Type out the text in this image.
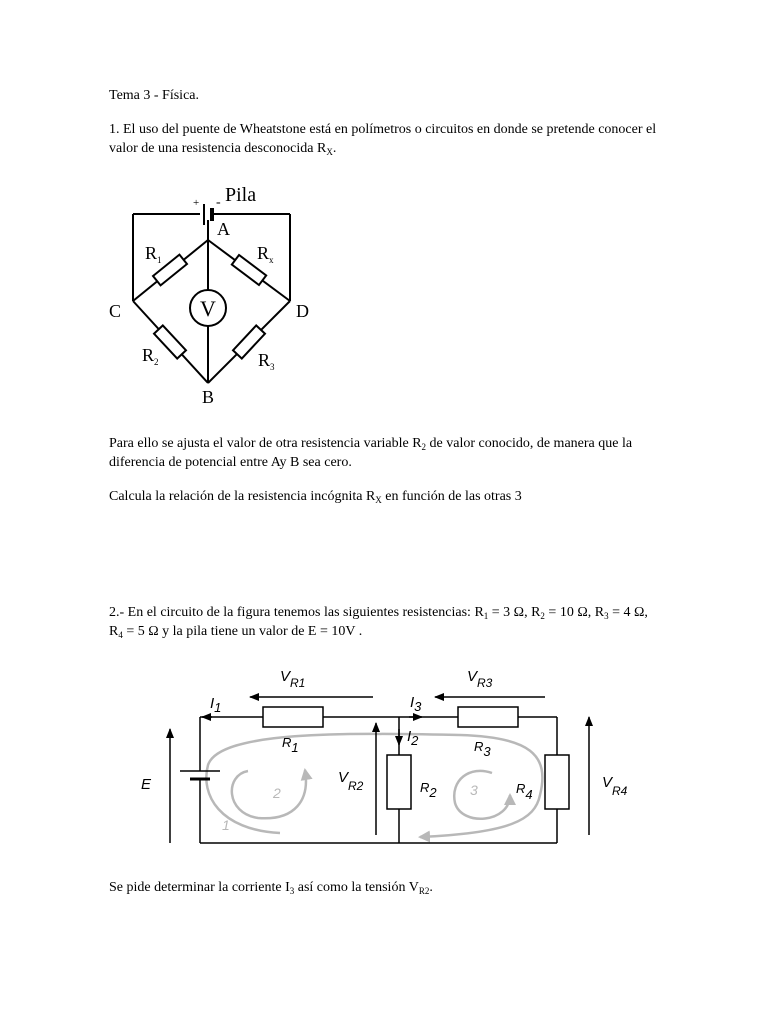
Tema 3 - Física.

1. El uso del puente de Wheatstone está en polímetros o circuitos en donde se pretende conocer el valor de una resistencia desconocida $R_X$.

V
+ - Pila
A
C	D
B
$R_1$	$R_x$
$R_2$	$R_3$

Para ello se ajusta el valor de otra resistencia variable $R_2$ de valor conocido, de manera que la diferencia de potencial entre Ay B sea cero.

Calcula la relación de la resistencia incógnita $R_X$ en función de las otras 3

2.- En el circuito de la figura tenemos las siguientes resistencias: $R_1 = 3$ Ω, $R_2 = 10$ Ω, $R_3 = 4$ Ω, $R_4 = 5$ Ω y la pila tiene un valor de E = 10V .

$V_{R1}$	$V_{R3}$
$V_{R2}$	$V_{R4}$
I1	I3
I2
R1	R3
R2	R4
E
1
2	3

Se pide determinar la corriente $I_3$ así como la tensión $V_{R2}$.
